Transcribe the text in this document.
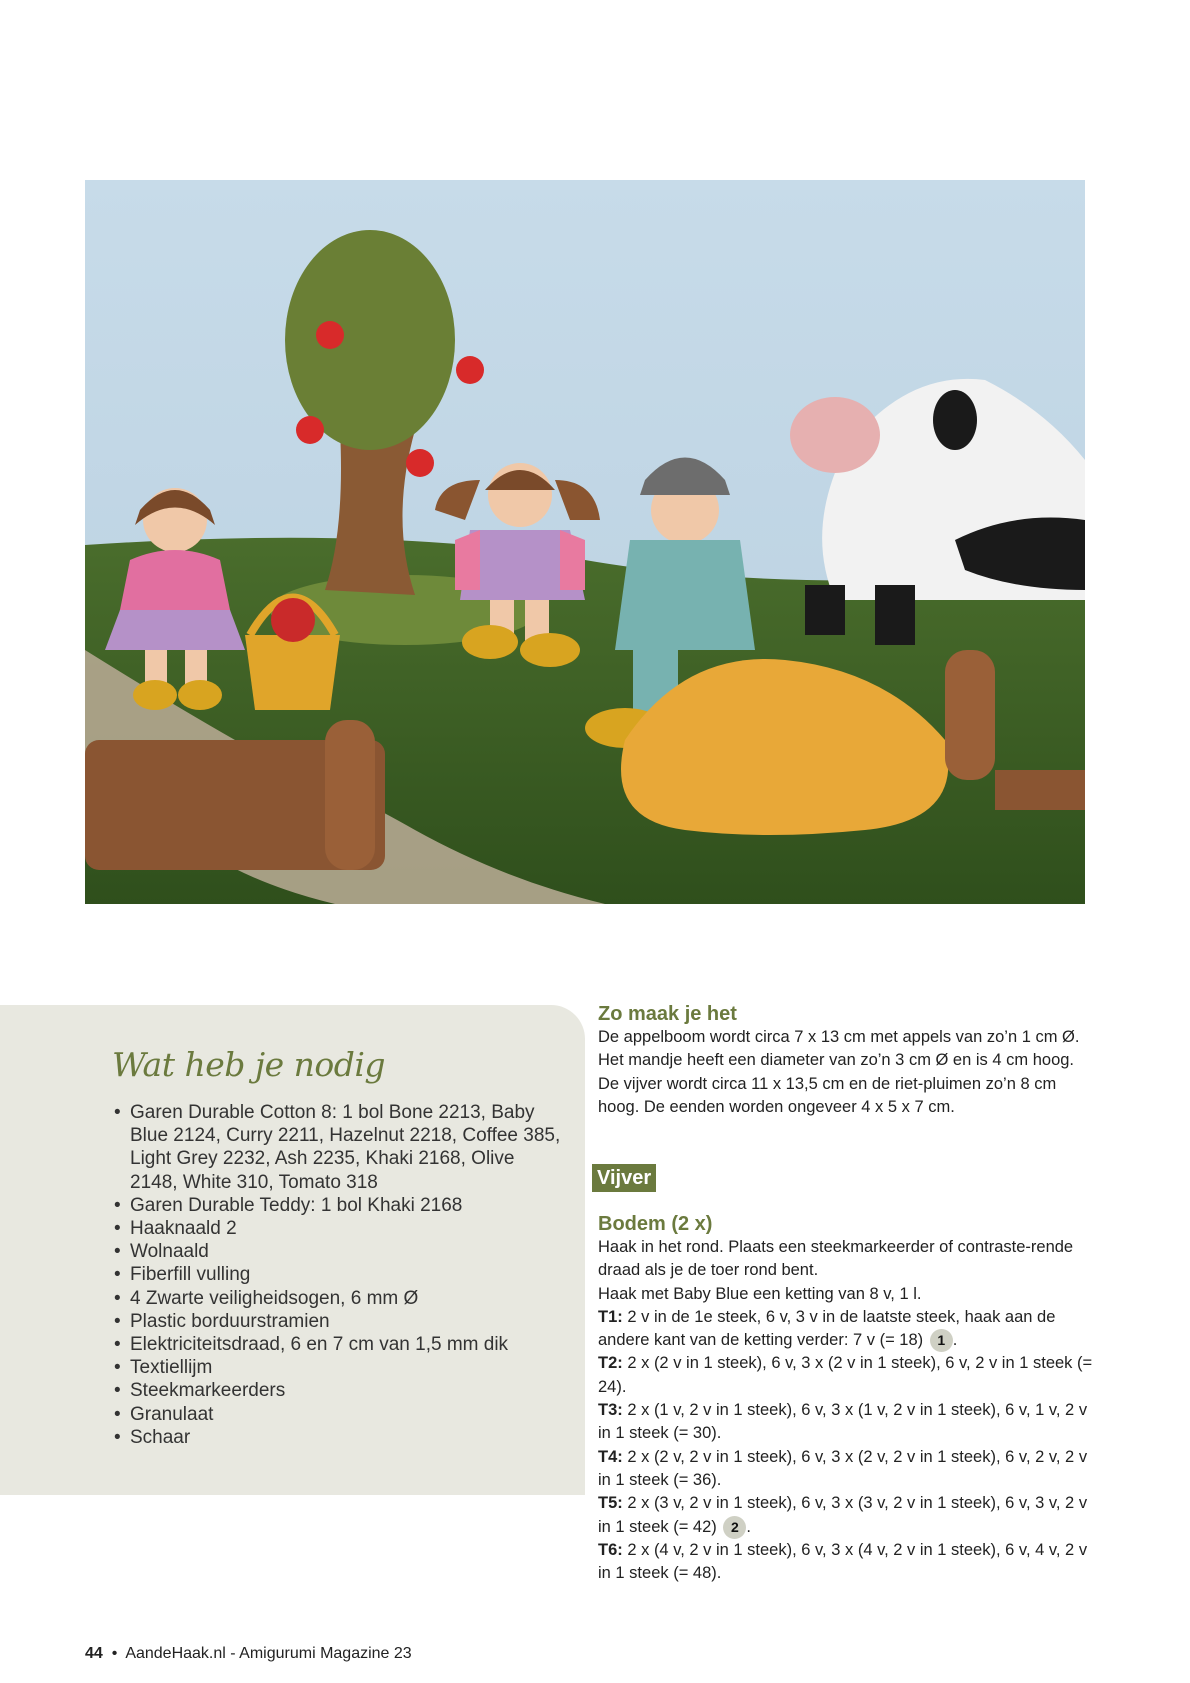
Wat heb je nodig
• Garen Durable Cotton 8: 1 bol Bone 2213, Baby Blue 2124, Curry 2211, Hazelnut 2218, Coffee 385, Light Grey 2232, Ash 2235, Khaki 2168, Olive 2148, White 310, Tomato 318
• Garen Durable Teddy: 1 bol Khaki 2168
• Haaknaald 2
• Wolnaald
• Fiberfill vulling
• 4 Zwarte veiligheidsogen, 6 mm Ø
• Plastic borduurstramien
• Elektriciteitsdraad, 6 en 7 cm van 1,5 mm dik
• Textiellijm
• Steekmarkeerders
• Granulaat
• Schaar
Zo maak je het

De appelboom wordt circa 7 x 13 cm met appels van zo’n 1 cm Ø. Het mandje heeft een diameter van zo’n 3 cm Ø en is 4 cm hoog. De vijver wordt circa 11 x 13,5 cm en de riet-pluimen zo’n 8 cm hoog. De eenden worden ongeveer 4 x 5 x 7 cm.

Vijver
Bodem (2 x)

Haak in het rond. Plaats een steekmarkeerder of contraste-rende draad als je de toer rond bent.

Haak met Baby Blue een ketting van 8 v, 1 l.

T1: 2 v in de 1e steek, 6 v, 3 v in de laatste steek, haak aan de andere kant van de ketting verder: 7 v (= 18) 1 .

T2: 2 x (2 v in 1 steek), 6 v, 3 x (2 v in 1 steek), 6 v, 2 v in 1 steek (= 24).

T3: 2 x (1 v, 2 v in 1 steek), 6 v, 3 x (1 v, 2 v in 1 steek), 6 v, 1 v, 2 v in 1 steek (= 30).

T4: 2 x (2 v, 2 v in 1 steek), 6 v, 3 x (2 v, 2 v in 1 steek), 6 v, 2 v, 2 v in 1 steek (= 36).

T5: 2 x (3 v, 2 v in 1 steek), 6 v, 3 x (3 v, 2 v in 1 steek), 6 v, 3 v, 2 v in 1 steek (= 42) 2 .

T6: 2 x (4 v, 2 v in 1 steek), 6 v, 3 x (4 v, 2 v in 1 steek), 6 v, 4 v, 2 v in 1 steek (= 48).

44 • AandeHaak.nl - Amigurumi Magazine 23
